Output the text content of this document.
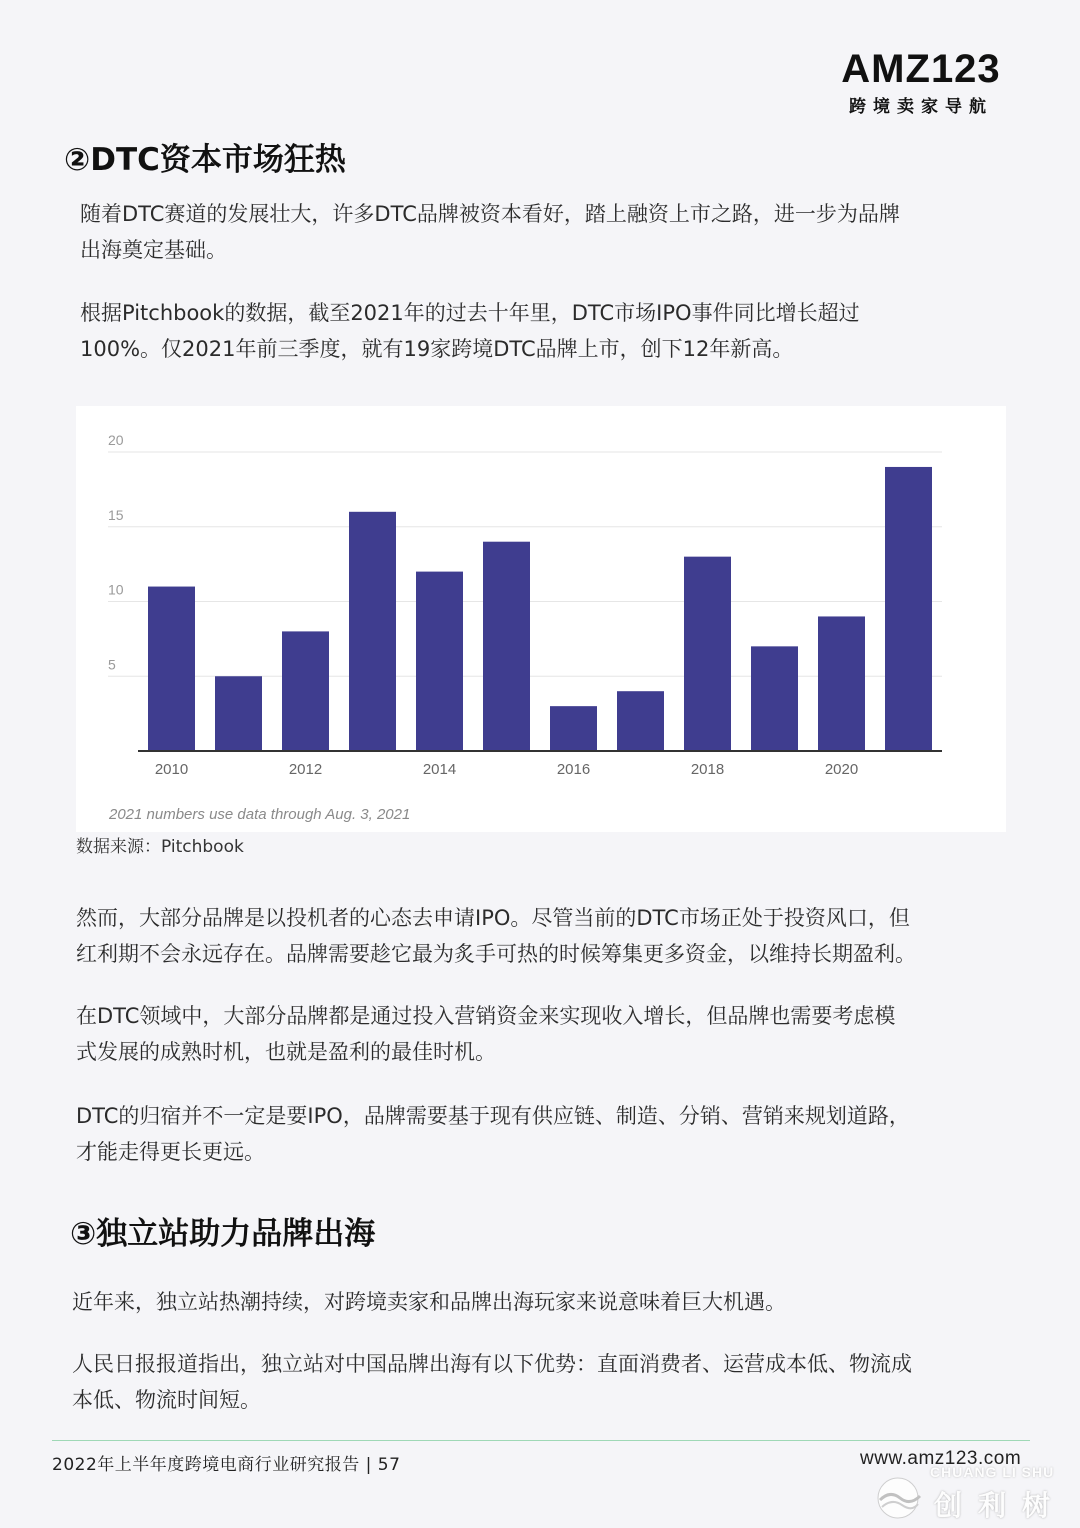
AMZ123
跨境卖家导航
②DTC资本市场狂热
随着DTC赛道的发展壮大，许多DTC品牌被资本看好，踏上融资上市之路，进一步为品牌
出海奠定基础。
根据Pitchbook的数据，截至2021年的过去十年里，DTC市场IPO事件同比增长超过
100%。仅2021年前三季度，就有19家跨境DTC品牌上市，创下12年新高。
5
10
15
20
2010	2012	2014	2016	2018	2020
2021 numbers use data through Aug. 3, 2021
数据来源：Pitchbook
然而，大部分品牌是以投机者的心态去申请IPO。尽管当前的DTC市场正处于投资风口，但
红利期不会永远存在。品牌需要趁它最为炙手可热的时候筹集更多资金，以维持长期盈利。
在DTC领域中，大部分品牌都是通过投入营销资金来实现收入增长，但品牌也需要考虑模
式发展的成熟时机，也就是盈利的最佳时机。
DTC的归宿并不一定是要IPO，品牌需要基于现有供应链、制造、分销、营销来规划道路，
才能走得更长更远。
③独立站助力品牌出海
近年来，独立站热潮持续，对跨境卖家和品牌出海玩家来说意味着巨大机遇。
人民日报报道指出，独立站对中国品牌出海有以下优势：直面消费者、运营成本低、物流成
本低、物流时间短。
2022年上半年度跨境电商行业研究报告 | 57	www.amz123.com
CHUANG LI SHU
创利树
